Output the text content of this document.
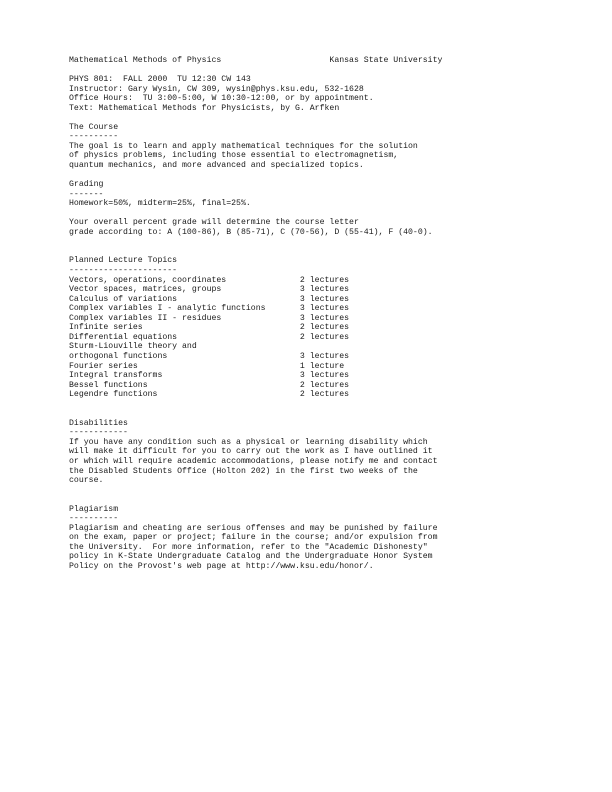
Mathematical Methods of Physics                      Kansas State University
PHYS 801:  FALL 2000  TU 12:30 CW 143
Instructor: Gary Wysin, CW 309, wysin@phys.ksu.edu, 532-1628
Office Hours:  TU 3:00-5:00, W 10:30-12:00, or by appointment.
Text: Mathematical Methods for Physicists, by G. Arfken
The Course
----------
The goal is to learn and apply mathematical techniques for the solution
of physics problems, including those essential to electromagnetism,
quantum mechanics, and more advanced and specialized topics.
Grading
-------
Homework=50%, midterm=25%, final=25%.
Your overall percent grade will determine the course letter
grade according to: A (100-86), B (85-71), C (70-56), D (55-41), F (40-0).
Planned Lecture Topics
----------------------
Vectors, operations, coordinates               2 lectures
Vector spaces, matrices, groups                3 lectures
Calculus of variations                         3 lectures
Complex variables I - analytic functions       3 lectures
Complex variables II - residues                3 lectures
Infinite series                                2 lectures
Differential equations                         2 lectures
Sturm-Liouville theory and
orthogonal functions                           3 lectures
Fourier series                                 1 lecture
Integral transforms                            3 lectures
Bessel functions                               2 lectures
Legendre functions                             2 lectures
Disabilities
------------
If you have any condition such as a physical or learning disability which
will make it difficult for you to carry out the work as I have outlined it
or which will require academic accommodations, please notify me and contact
the Disabled Students Office (Holton 202) in the first two weeks of the
course.
Plagiarism
----------
Plagiarism and cheating are serious offenses and may be punished by failure
on the exam, paper or project; failure in the course; and/or expulsion from
the University.  For more information, refer to the "Academic Dishonesty"
policy in K-State Undergraduate Catalog and the Undergraduate Honor System
Policy on the Provost's web page at http://www.ksu.edu/honor/.
